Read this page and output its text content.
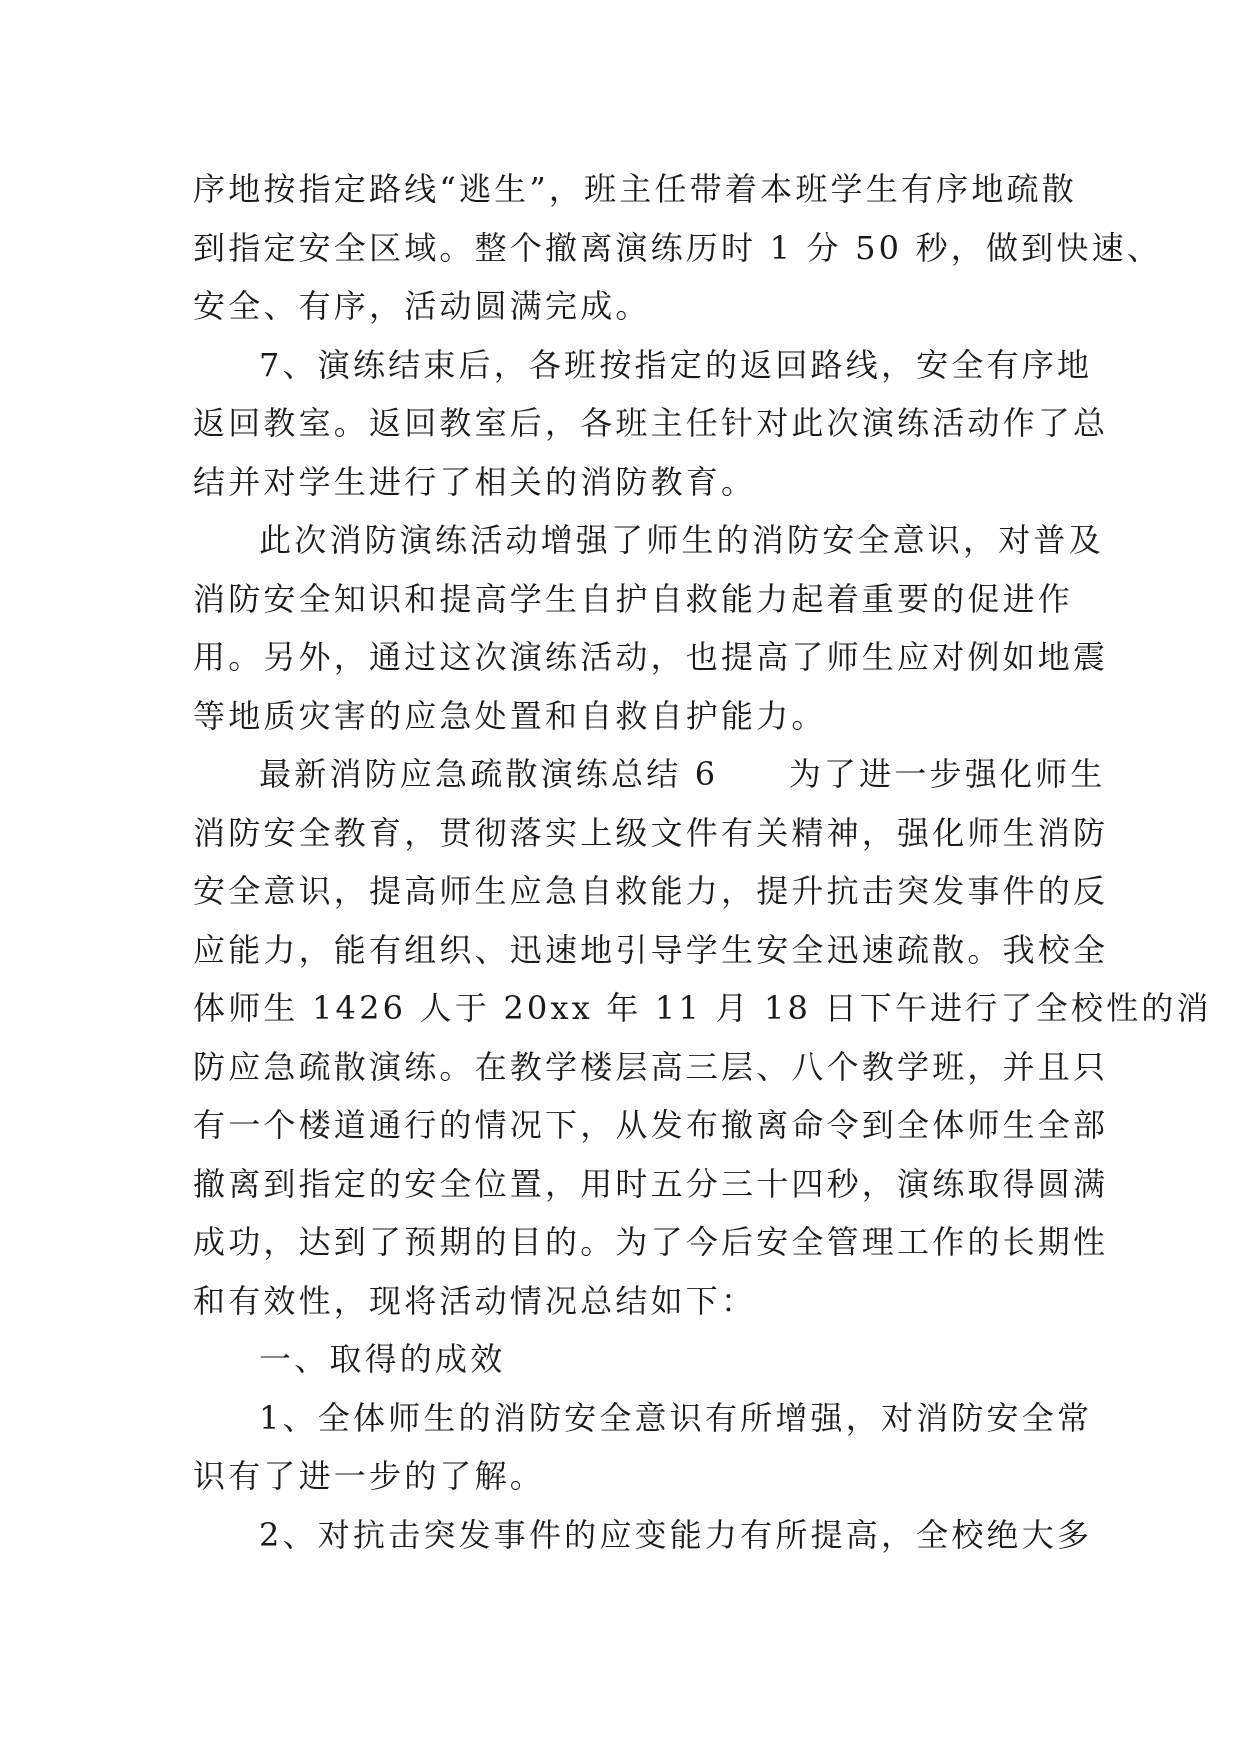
序地按指定路线“逃生”，班主任带着本班学生有序地疏散
到指定安全区域。整个撤离演练历时 1 分 50 秒，做到快速、
安全、有序，活动圆满完成。
7、演练结束后，各班按指定的返回路线，安全有序地
返回教室。返回教室后，各班主任针对此次演练活动作了总
结并对学生进行了相关的消防教育。
此次消防演练活动增强了师生的消防安全意识，对普及
消防安全知识和提高学生自护自救能力起着重要的促进作
用。另外，通过这次演练活动，也提高了师生应对例如地震
等地质灾害的应急处置和自救自护能力。
最新消防应急疏散演练总结 6　　为了进一步强化师生
消防安全教育，贯彻落实上级文件有关精神，强化师生消防
安全意识，提高师生应急自救能力，提升抗击突发事件的反
应能力，能有组织、迅速地引导学生安全迅速疏散。我校全
体师生 1426 人于 20xx 年 11 月 18 日下午进行了全校性的消
防应急疏散演练。在教学楼层高三层、八个教学班，并且只
有一个楼道通行的情况下，从发布撤离命令到全体师生全部
撤离到指定的安全位置，用时五分三十四秒，演练取得圆满
成功，达到了预期的目的。为了今后安全管理工作的长期性
和有效性，现将活动情况总结如下：
一、取得的成效
1、全体师生的消防安全意识有所增强，对消防安全常
识有了进一步的了解。
2、对抗击突发事件的应变能力有所提高，全校绝大多
